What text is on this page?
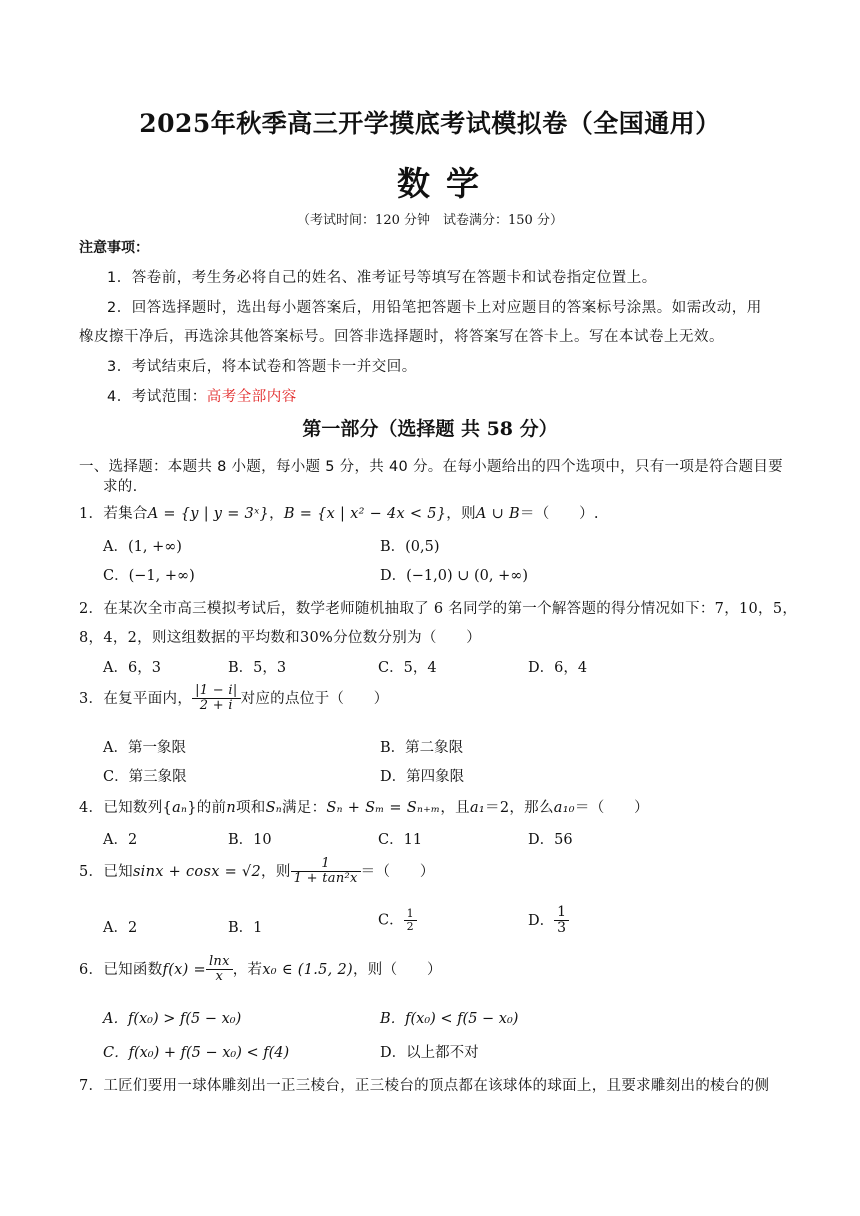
2025年秋季高三开学摸底考试模拟卷（全国通用）
数学
（考试时间：120 分钟　试卷满分：150 分）
注意事项：
1．答卷前，考生务必将自己的姓名、准考证号等填写在答题卡和试卷指定位置上。
2．回答选择题时，选出每小题答案后，用铅笔把答题卡上对应题目的答案标号涂黑。如需改动，用
橡皮擦干净后，再选涂其他答案标号。回答非选择题时，将答案写在答卡上。写在本试卷上无效。
3．考试结束后，将本试卷和答题卡一并交回。
4．考试范围：高考全部内容
第一部分（选择题 共 58 分）
一、选择题：本题共 8 小题，每小题 5 分，共 40 分。在每小题给出的四个选项中，只有一项是符合题目要
求的.
1．若集合A = {y | y = 3ˣ}，B = {x | x² − 4x < 5}，则A ∪ B＝（　　）.
A．(1, +∞)	B．(0,5)
C．(−1, +∞)	D．(−1,0) ∪ (0, +∞)
2．在某次全市高三模拟考试后，数学老师随机抽取了 6 名同学的第一个解答题的得分情况如下：7，10，5，
8，4，2，则这组数据的平均数和30%分位数分别为（　　）
A．6，3	B．5，3	C．5，4	D．6，4
3．在复平面内， $\frac{|1 - i|}{2 + i}$ 对应的点位于（　　）
A．第一象限	B．第二象限
C．第三象限	D．第四象限
4．已知数列{aₙ}的前n项和Sₙ满足：Sₙ + Sₘ = Sₙ₊ₘ，且a₁＝2，那么a₁₀＝（　　）
A．2	B．10	C．11	D．56
5．已知sinx + cosx = √2，则 $\frac{1}{\text{1 + tan²x}}$ ＝（　　）
A．2	B．1	C． $\frac{1}{2}$	D． $\frac{1}{3}$
6．已知函数$f(x) = \frac{\ln x}{x}$ ，若x₀ ∈ (1.5, 2)，则（　　）
A．f(x₀) > f(5 − x₀)	B．f(x₀) < f(5 − x₀)
C．f(x₀) + f(5 − x₀) < f(4)	D．以上都不对
7．工匠们要用一球体雕刻出一正三棱台，正三棱台的顶点都在该球体的球面上，且要求雕刻出的棱台的侧
